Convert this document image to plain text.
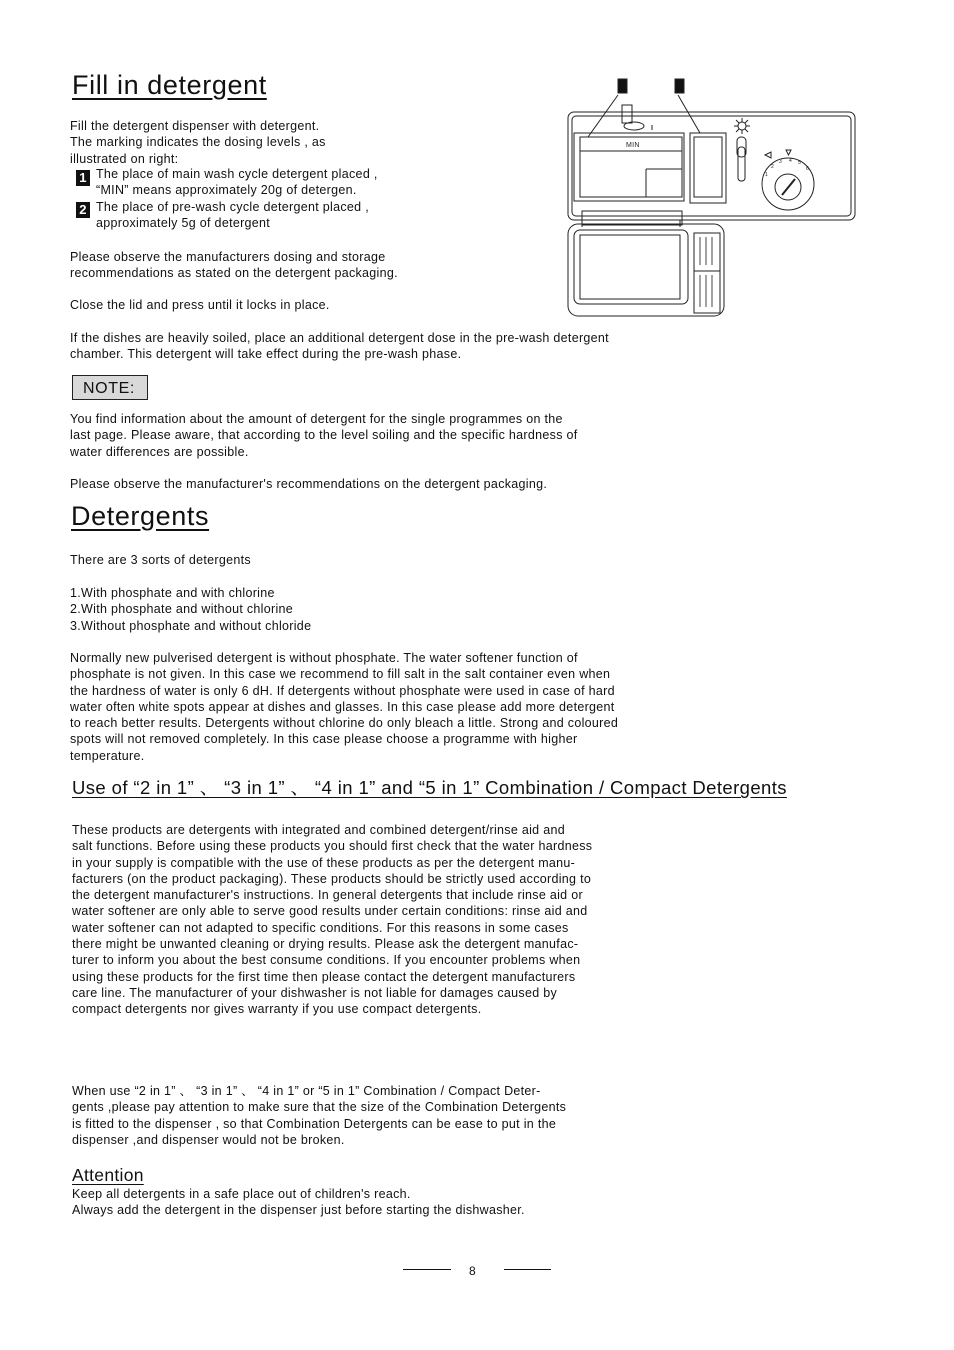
Fill in detergent
Fill the detergent dispenser with detergent.
The marking indicates the dosing levels , as
illustrated on right:
1 The place of main wash cycle detergent placed ,
“MIN” means approximately 20g of detergen.
2 The place of pre-wash cycle detergent placed ,
approximately 5g of detergent
Please observe the manufacturers dosing and storage
recommendations as stated on the detergent packaging.
Close the lid and press until it locks in place.
If the dishes are heavily soiled, place an additional detergent dose in the pre-wash detergent
chamber. This detergent will take effect during the pre-wash phase.
MIN
1
2
3 4 5
6
NOTE:
You find information about the amount of detergent for the single programmes on the
last page. Please aware, that according to the level soiling and the specific hardness of
water differences are possible.
Please observe the manufacturer's recommendations on the detergent packaging.
Detergents
There are 3 sorts of detergents
1.With phosphate and with chlorine
2.With phosphate and without chlorine
3.Without phosphate and without chloride
Normally new pulverised detergent is without phosphate. The water softener function of
phosphate is not given. In this case we recommend to fill salt in the salt container even when
the hardness of water is only 6 dH. If detergents without phosphate were used in case of hard
water often white spots appear at dishes and glasses. In this case please add more detergent
to reach better results. Detergents without chlorine do only bleach a little. Strong and coloured
spots will not removed completely. In this case please choose a programme with higher
temperature.
Use of “2 in 1” 、 “3 in 1” 、 “4 in 1” and “5 in 1” Combination / Compact Detergents
These products are detergents with integrated and combined detergent/rinse aid and
salt functions. Before using these products you should first check that the water hardness
in your supply is compatible with the use of these products as per the detergent manu-
facturers (on the product packaging). These products should be strictly used according to
the detergent manufacturer's instructions. In general detergents that include rinse aid or
water softener are only able to serve good results under certain conditions: rinse aid and
water softener can not adapted to specific conditions. For this reasons in some cases
there might be unwanted cleaning or drying results. Please ask the detergent manufac-
turer to inform you about the best consume conditions. If you encounter problems when
using these products for the first time then please contact the detergent manufacturers
care line. The manufacturer of your dishwasher is not liable for damages caused by
compact detergents nor gives warranty if you use compact detergents.
When use “2 in 1” 、 “3 in 1” 、 “4 in 1” or “5 in 1” Combination / Compact Deter-
gents ,please pay attention to make sure that the size of the Combination Detergents
is fitted to the dispenser , so that Combination Detergents can be ease to put in the
dispenser ,and dispenser would not be broken.
Attention
Keep all detergents in a safe place out of children's reach.
Always add the detergent in the dispenser just before starting the dishwasher.
8
